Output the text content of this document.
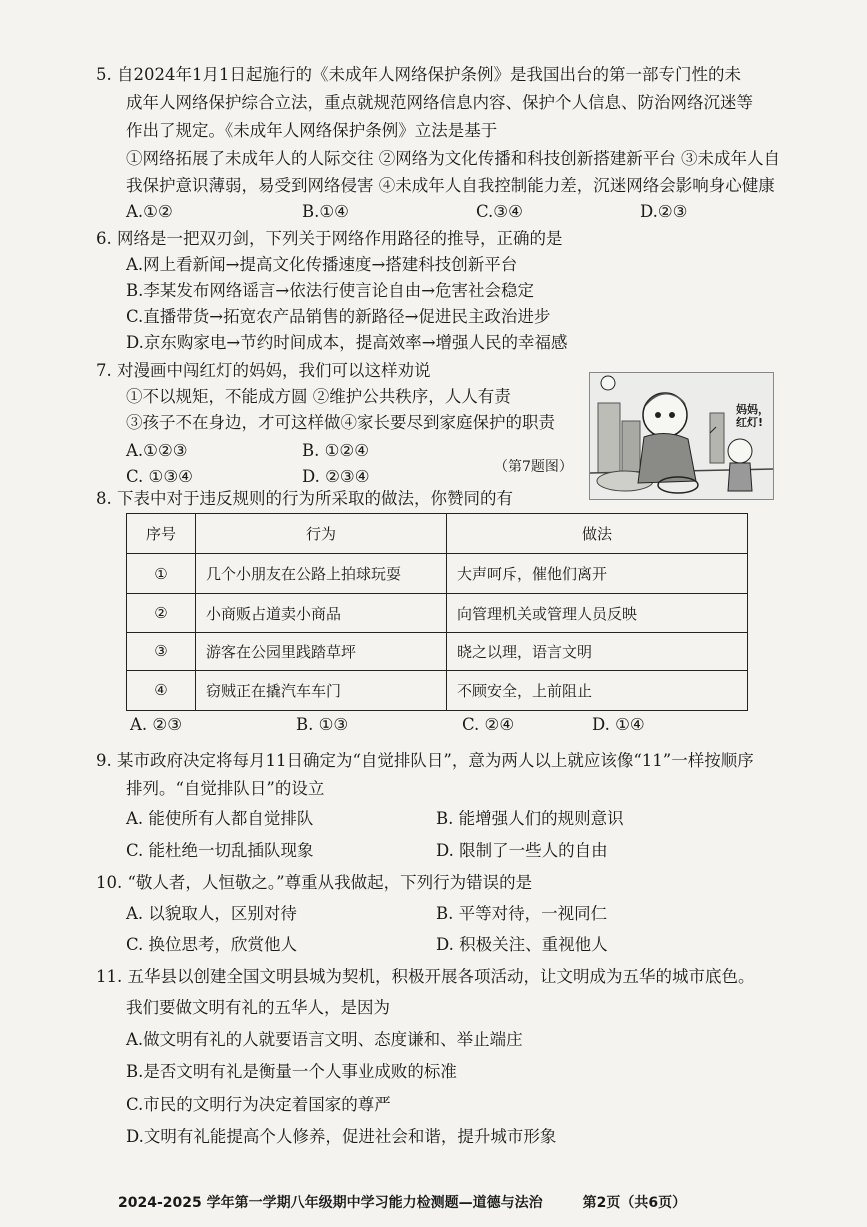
5. 自2024年1月1日起施行的《未成年人网络保护条例》是我国出台的第一部专门性的未
成年人网络保护综合立法，重点就规范网络信息内容、保护个人信息、防治网络沉迷等
作出了规定。《未成年人网络保护条例》立法是基于
①网络拓展了未成年人的人际交往 ②网络为文化传播和科技创新搭建新平台 ③未成年人自
我保护意识薄弱，易受到网络侵害 ④未成年人自我控制能力差，沉迷网络会影响身心健康
A.①②	B.①④	C.③④	D.②③
6. 网络是一把双刃剑，下列关于网络作用路径的推导，正确的是
A.网上看新闻→提高文化传播速度→搭建科技创新平台
B.李某发布网络谣言→依法行使言论自由→危害社会稳定
C.直播带货→拓宽农产品销售的新路径→促进民主政治进步
D.京东购家电→节约时间成本，提高效率→增强人民的幸福感
7. 对漫画中闯红灯的妈妈，我们可以这样劝说
①不以规矩，不能成方圆 ②维护公共秩序，人人有责
③孩子不在身边，才可这样做④家长要尽到家庭保护的职责
A.①②③	B. ①②④
C. ①③④	D. ②③④	（第7题图）
妈妈，红灯!
8. 下表中对于违反规则的行为所采取的做法，你赞同的有
序号	行为	做法
①	几个小朋友在公路上拍球玩耍	大声呵斥，催他们离开
②	小商贩占道卖小商品	向管理机关或管理人员反映
③	游客在公园里践踏草坪	晓之以理，语言文明
④	窃贼正在撬汽车车门	不顾安全，上前阻止
A. ②③	B. ①③	C. ②④	D. ①④
9. 某市政府决定将每月11日确定为“自觉排队日”，意为两人以上就应该像“11”一样按顺序
排列。“自觉排队日”的设立
A. 能使所有人都自觉排队	B. 能增强人们的规则意识
C. 能杜绝一切乱插队现象	D. 限制了一些人的自由
10. “敬人者，人恒敬之。”尊重从我做起，下列行为错误的是
A. 以貌取人，区别对待	B. 平等对待，一视同仁
C. 换位思考，欣赏他人	D. 积极关注、重视他人
11. 五华县以创建全国文明县城为契机，积极开展各项活动，让文明成为五华的城市底色。
我们要做文明有礼的五华人，是因为
A.做文明有礼的人就要语言文明、态度谦和、举止端庄
B.是否文明有礼是衡量一个人事业成败的标准
C.市民的文明行为决定着国家的尊严
D.文明有礼能提高个人修养，促进社会和谐，提升城市形象
2024-2025 学年第一学期八年级期中学习能力检测题—道德与法治	第2页（共6页）
